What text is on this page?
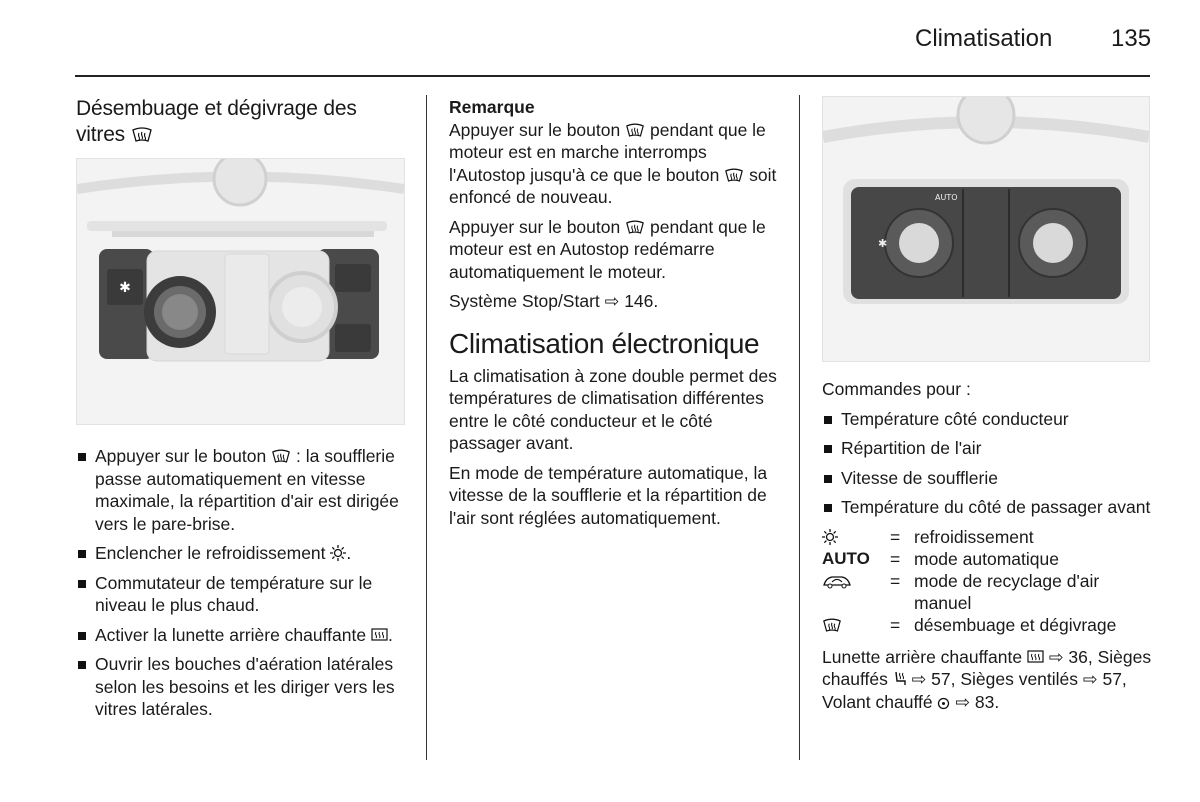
Climatisation 135
Désembuage et dégivrage des
vitres
✱
Appuyer sur le bouton : la soufflerie passe automatiquement en vitesse maximale, la répartition d'air est dirigée vers le pare-brise.
Enclencher le refroidissement .
Commutateur de température sur le niveau le plus chaud.
Activer la lunette arrière chauffante .
Ouvrir les bouches d'aération latérales selon les besoins et les diriger vers les vitres latérales.
Remarque

Appuyer sur le bouton pendant que le moteur est en marche interromps l'Autostop jusqu'à ce que le bouton soit enfoncé de nouveau.

Appuyer sur le bouton pendant que le moteur est en Autostop redémarre automatiquement le moteur.

Système Stop/Start ⇨ 146.

Climatisation électronique

La climatisation à zone double permet des températures de climatisation différentes entre le côté conducteur et le côté passager avant.

En mode de température automatique, la vitesse de la soufflerie et la répartition de l'air sont réglées automatiquement.

AUTO
✱

Commandes pour :

Température côté conducteur
Répartition de l'air
Vitesse de soufflerie
Température du côté de passager avant
= refroidissement
AUTO	= mode automatique
= mode de recyclage d'air manuel
= désembuage et dégivrage

Lunette arrière chauffante ⇨ 36, Sièges chauffés ⇨ 57, Sièges ventilés ⇨ 57, Volant chauffé ⇨ 83.
